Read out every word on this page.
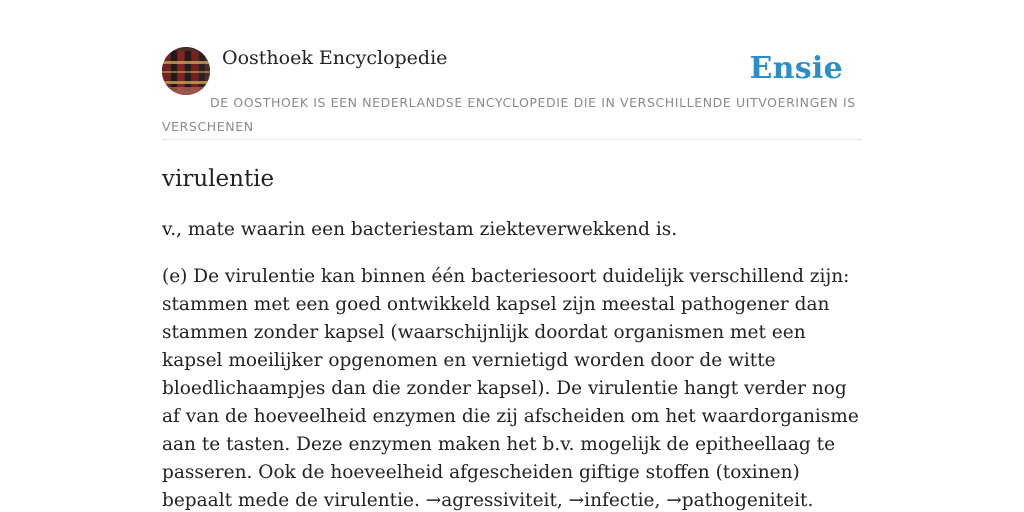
Oosthoek Encyclopedie	Ensie
DE OOSTHOEK IS EEN NEDERLANDSE ENCYCLOPEDIE DIE IN VERSCHILLENDE UITVOERINGEN IS VERSCHENEN
virulentie

v., mate waarin een bacteriestam ziekteverwekkend is.

(e) De virulentie kan binnen één bacteriesoort duidelijk verschillend zijn: stammen met een goed ontwikkeld kapsel zijn meestal pathogener dan stammen zonder kapsel (waarschijnlijk doordat organismen met een kapsel moeilijker opgenomen en vernietigd worden door de witte bloedlichaampjes dan die zonder kapsel). De virulentie hangt verder nog af van de hoeveelheid enzymen die zij afscheiden om het waardorganisme aan te tasten. Deze enzymen maken het b.v. mogelijk de epitheellaag te passeren. Ook de hoeveelheid afgescheiden giftige stoffen (toxinen) bepaalt mede de virulentie. →agressiviteit, →infectie, →pathogeniteit.
